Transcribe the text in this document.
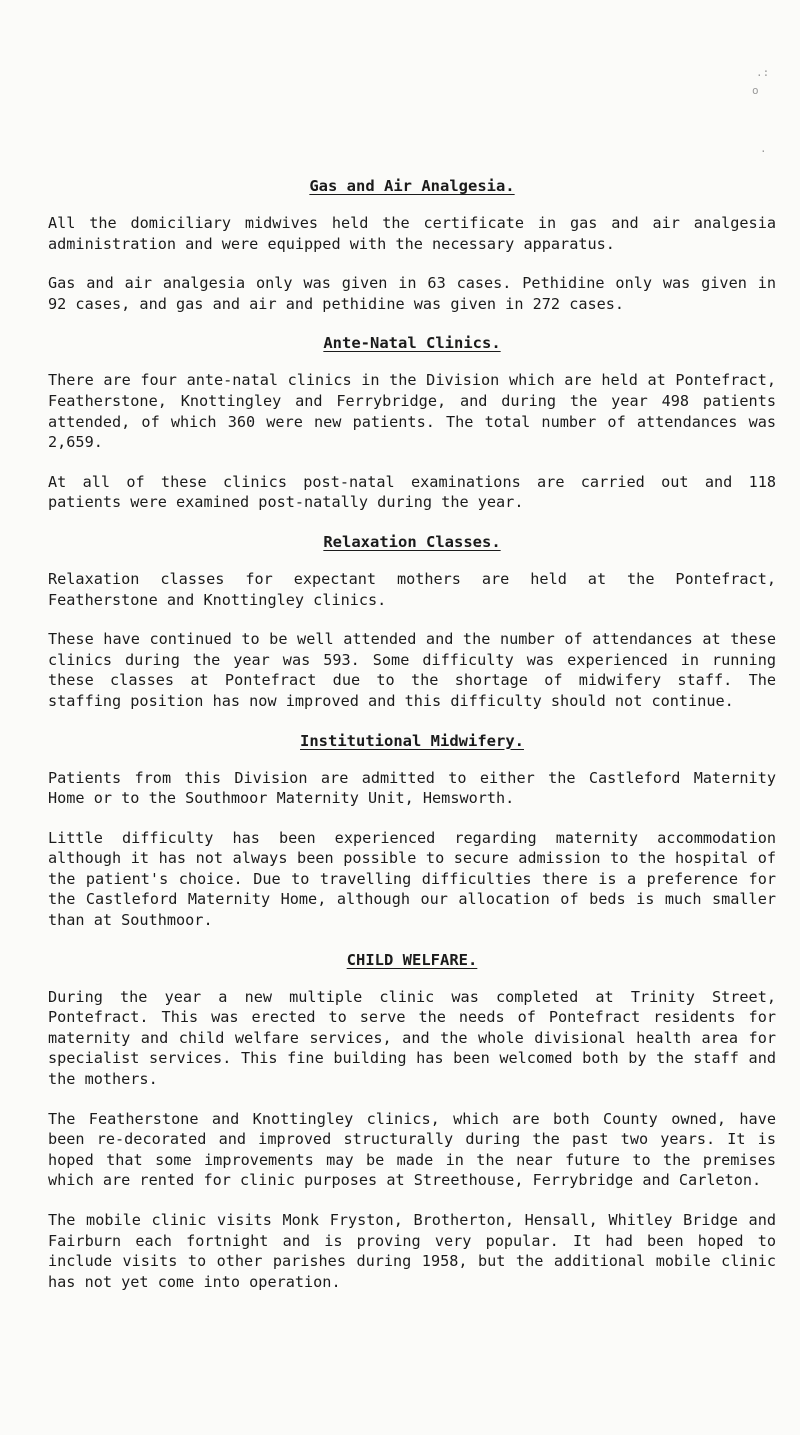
.:
o
.
Gas and Air Analgesia.

All the domiciliary midwives held the certificate in gas and air analgesia administration and were equipped with the necessary apparatus.

Gas and air analgesia only was given in 63 cases. Pethidine only was given in 92 cases, and gas and air and pethidine was given in 272 cases.

Ante-Natal Clinics.

There are four ante-natal clinics in the Division which are held at Pontefract, Featherstone, Knottingley and Ferrybridge, and during the year 498 patients attended, of which 360 were new patients. The total number of attendances was 2,659.

At all of these clinics post-natal examinations are carried out and 118 patients were examined post-natally during the year.

Relaxation Classes.

Relaxation classes for expectant mothers are held at the Pontefract, Featherstone and Knottingley clinics.

These have continued to be well attended and the number of attendances at these clinics during the year was 593. Some difficulty was experienced in running these classes at Pontefract due to the shortage of midwifery staff. The staffing position has now improved and this difficulty should not continue.

Institutional Midwifery.

Patients from this Division are admitted to either the Castleford Maternity Home or to the Southmoor Maternity Unit, Hemsworth.

Little difficulty has been experienced regarding maternity accommodation although it has not always been possible to secure admission to the hospital of the patient's choice. Due to travelling difficulties there is a preference for the Castleford Maternity Home, although our allocation of beds is much smaller than at Southmoor.

CHILD WELFARE.

During the year a new multiple clinic was completed at Trinity Street, Pontefract. This was erected to serve the needs of Pontefract residents for maternity and child welfare services, and the whole divisional health area for specialist services. This fine building has been welcomed both by the staff and the mothers.

The Featherstone and Knottingley clinics, which are both County owned, have been re-decorated and improved structurally during the past two years. It is hoped that some improvements may be made in the near future to the premises which are rented for clinic purposes at Streethouse, Ferrybridge and Carleton.

The mobile clinic visits Monk Fryston, Brotherton, Hensall, Whitley Bridge and Fairburn each fortnight and is proving very popular. It had been hoped to include visits to other parishes during 1958, but the additional mobile clinic has not yet come into operation.
